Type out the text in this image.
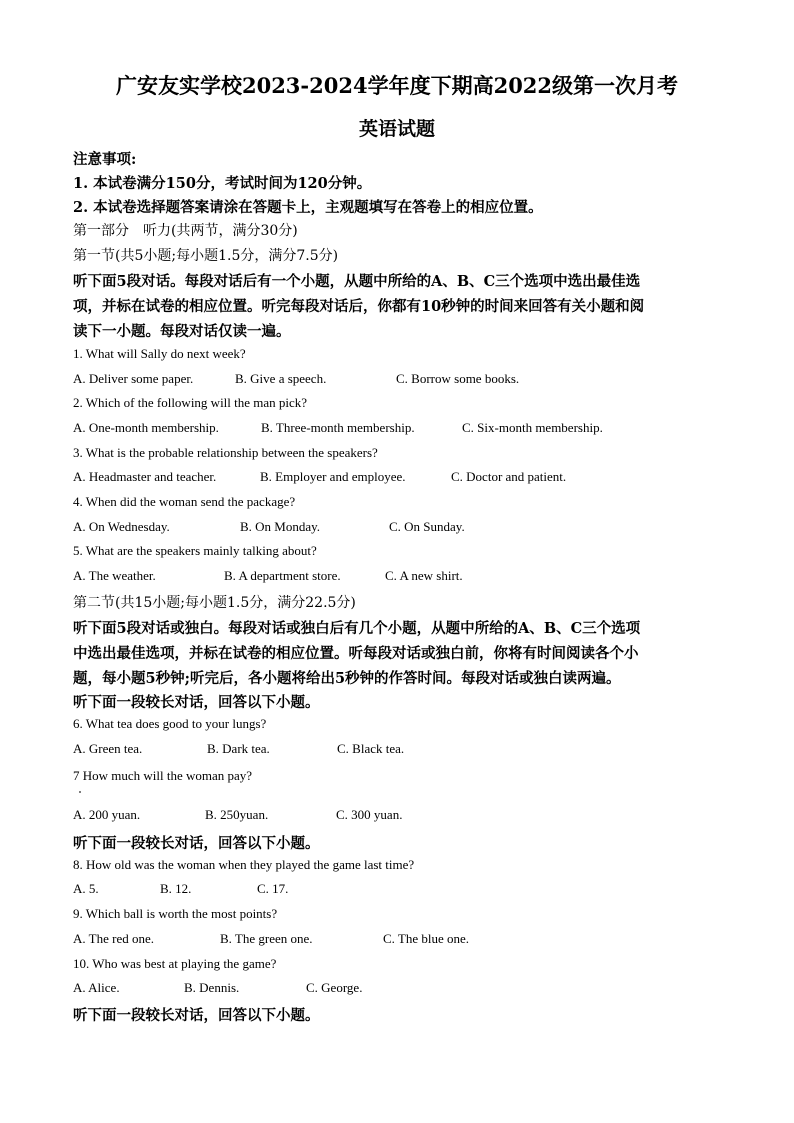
广安友实学校2023-2024学年度下期高2022级第一次月考
英语试题
注意事项:
1. 本试卷满分150分，考试时间为120分钟。
2. 本试卷选择题答案请涂在答题卡上，主观题填写在答卷上的相应位置。
第一部分　听力(共两节，满分30分)
第一节(共5小题;每小题1.5分，满分7.5分)
听下面5段对话。每段对话后有一个小题，从题中所给的A、B、C三个选项中选出最佳选
项，并标在试卷的相应位置。听完每段对话后，你都有10秒钟的时间来回答有关小题和阅
读下一小题。每段对话仅读一遍。
1. What will Sally do next week?
A. Deliver some paper.	B. Give a speech.	C. Borrow some books.
2. Which of the following will the man pick?
A. One-month membership.	B. Three-month membership.	C. Six-month membership.
3. What is the probable relationship between the speakers?
A. Headmaster and teacher.	B. Employer and employee.	C. Doctor and patient.
4. When did the woman send the package?
A. On Wednesday.	B. On Monday.	C. On Sunday.
5. What are the speakers mainly talking about?
A. The weather.	B. A department store.	C. A new shirt.
第二节(共15小题;每小题1.5分，满分22.5分)
听下面5段对话或独白。每段对话或独白后有几个小题，从题中所给的A、B、C三个选项
中选出最佳选项，并标在试卷的相应位置。听每段对话或独白前，你将有时间阅读各个小
题，每小题5秒钟;听完后，各小题将给出5秒钟的作答时间。每段对话或独白读两遍。
听下面一段较长对话，回答以下小题。
6. What tea does good to your lungs?
A. Green tea.	B. Dark tea.	C. Black tea.
7 How much will the woman pay?
A. 200 yuan.	B. 250yuan.	C. 300 yuan.
听下面一段较长对话，回答以下小题。
8. How old was the woman when they played the game last time?
A. 5.	B. 12.	C. 17.
9. Which ball is worth the most points?
A. The red one.	B. The green one.	C. The blue one.
10. Who was best at playing the game?
A. Alice.	B. Dennis.	C. George.
听下面一段较长对话，回答以下小题。
